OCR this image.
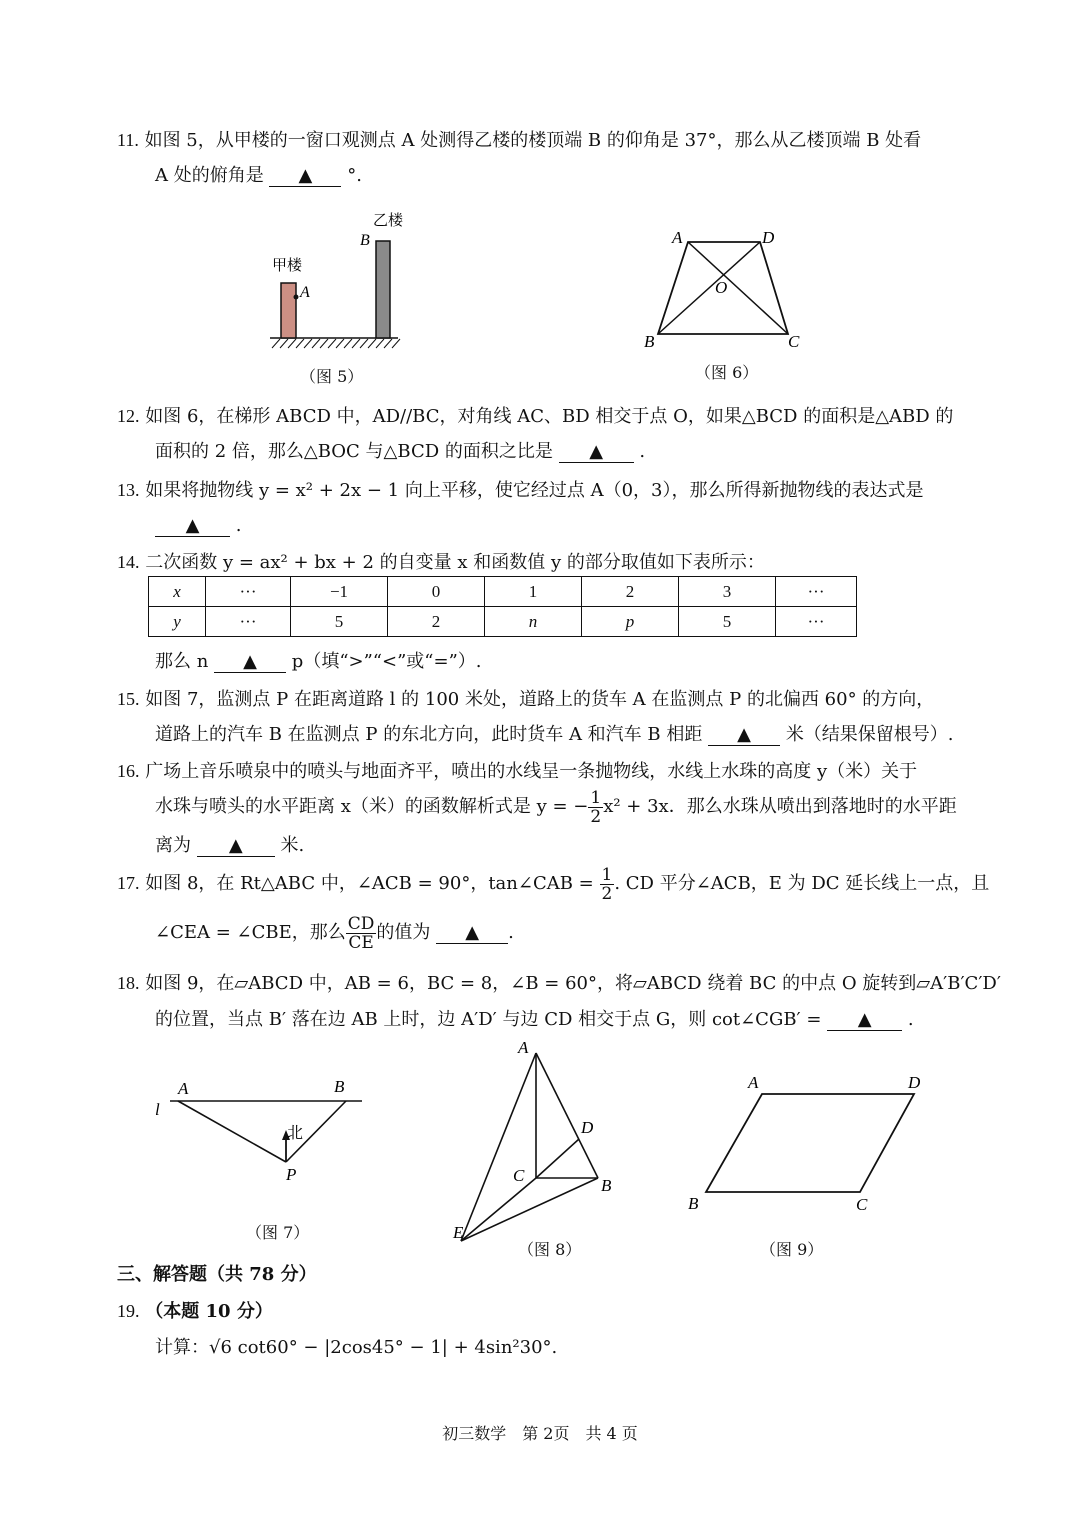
11. 如图 5，从甲楼的一窗口观测点 A 处测得乙楼的楼顶端 B 的仰角是 37°，那么从乙楼顶端 B 处看
A 处的俯角是 ▲ °.
甲楼
乙楼
A
B
（图 5）
A	D
O
B	C
（图 6）
12. 如图 6，在梯形 ABCD 中，AD//BC，对角线 AC、BD 相交于点 O，如果△BCD 的面积是△ABD 的
面积的 2 倍，那么△BOC 与△BCD 的面积之比是 ▲ .
13. 如果将抛物线 y = x² + 2x − 1 向上平移，使它经过点 A（0，3），那么所得新抛物线的表达式是
▲ .
14. 二次函数 y = ax² + bx + 2 的自变量 x 和函数值 y 的部分取值如下表所示：
x	···	−1	0	1	2	3	···
y	···	5	2	n	p	5	···
那么 n ▲ p（填“>”“<”或“=”）.
15. 如图 7，监测点 P 在距离道路 l 的 100 米处，道路上的货车 A 在监测点 P 的北偏西 60° 的方向，
道路上的汽车 B 在监测点 P 的东北方向，此时货车 A 和汽车 B 相距 ▲ 米（结果保留根号）.
16. 广场上音乐喷泉中的喷头与地面齐平，喷出的水线呈一条抛物线，水线上水珠的高度 y（米）关于
水珠与喷头的水平距离 x（米）的函数解析式是 y = − $\frac{1}{2} x^2 + 3x$．那么水珠从喷出到落地时的水平距
离为 ▲ 米.
17. 如图 8，在 Rt△ABC 中，∠ACB = 90°，tan∠CAB = $\frac{1}{2}$ . CD 平分∠ACB，E 为 DC 延长线上一点，且
∠CEA = ∠CBE，那么 $\frac{CD}{CE}$ 的值为 ▲ .
18. 如图 9，在▱ABCD 中，AB = 6，BC = 8，∠B = 60°，将▱ABCD 绕着 BC 的中点 O 旋转到▱A′B′C′D′
的位置，当点 B′ 落在边 AB 上时，边 A′D′ 与边 CD 相交于点 G，则 cot∠CGB′ = ▲ .
l
A	B
北
P
（图 7）
A
D
C
B
E
（图 8）
A	D
B	C
（图 9）
三、解答题（共 78 分）
19. （本题 10 分）
计算：√6 cot60° − |2cos45° − 1| + 4sin²30°.
初三数学　第 2页　共 4 页
